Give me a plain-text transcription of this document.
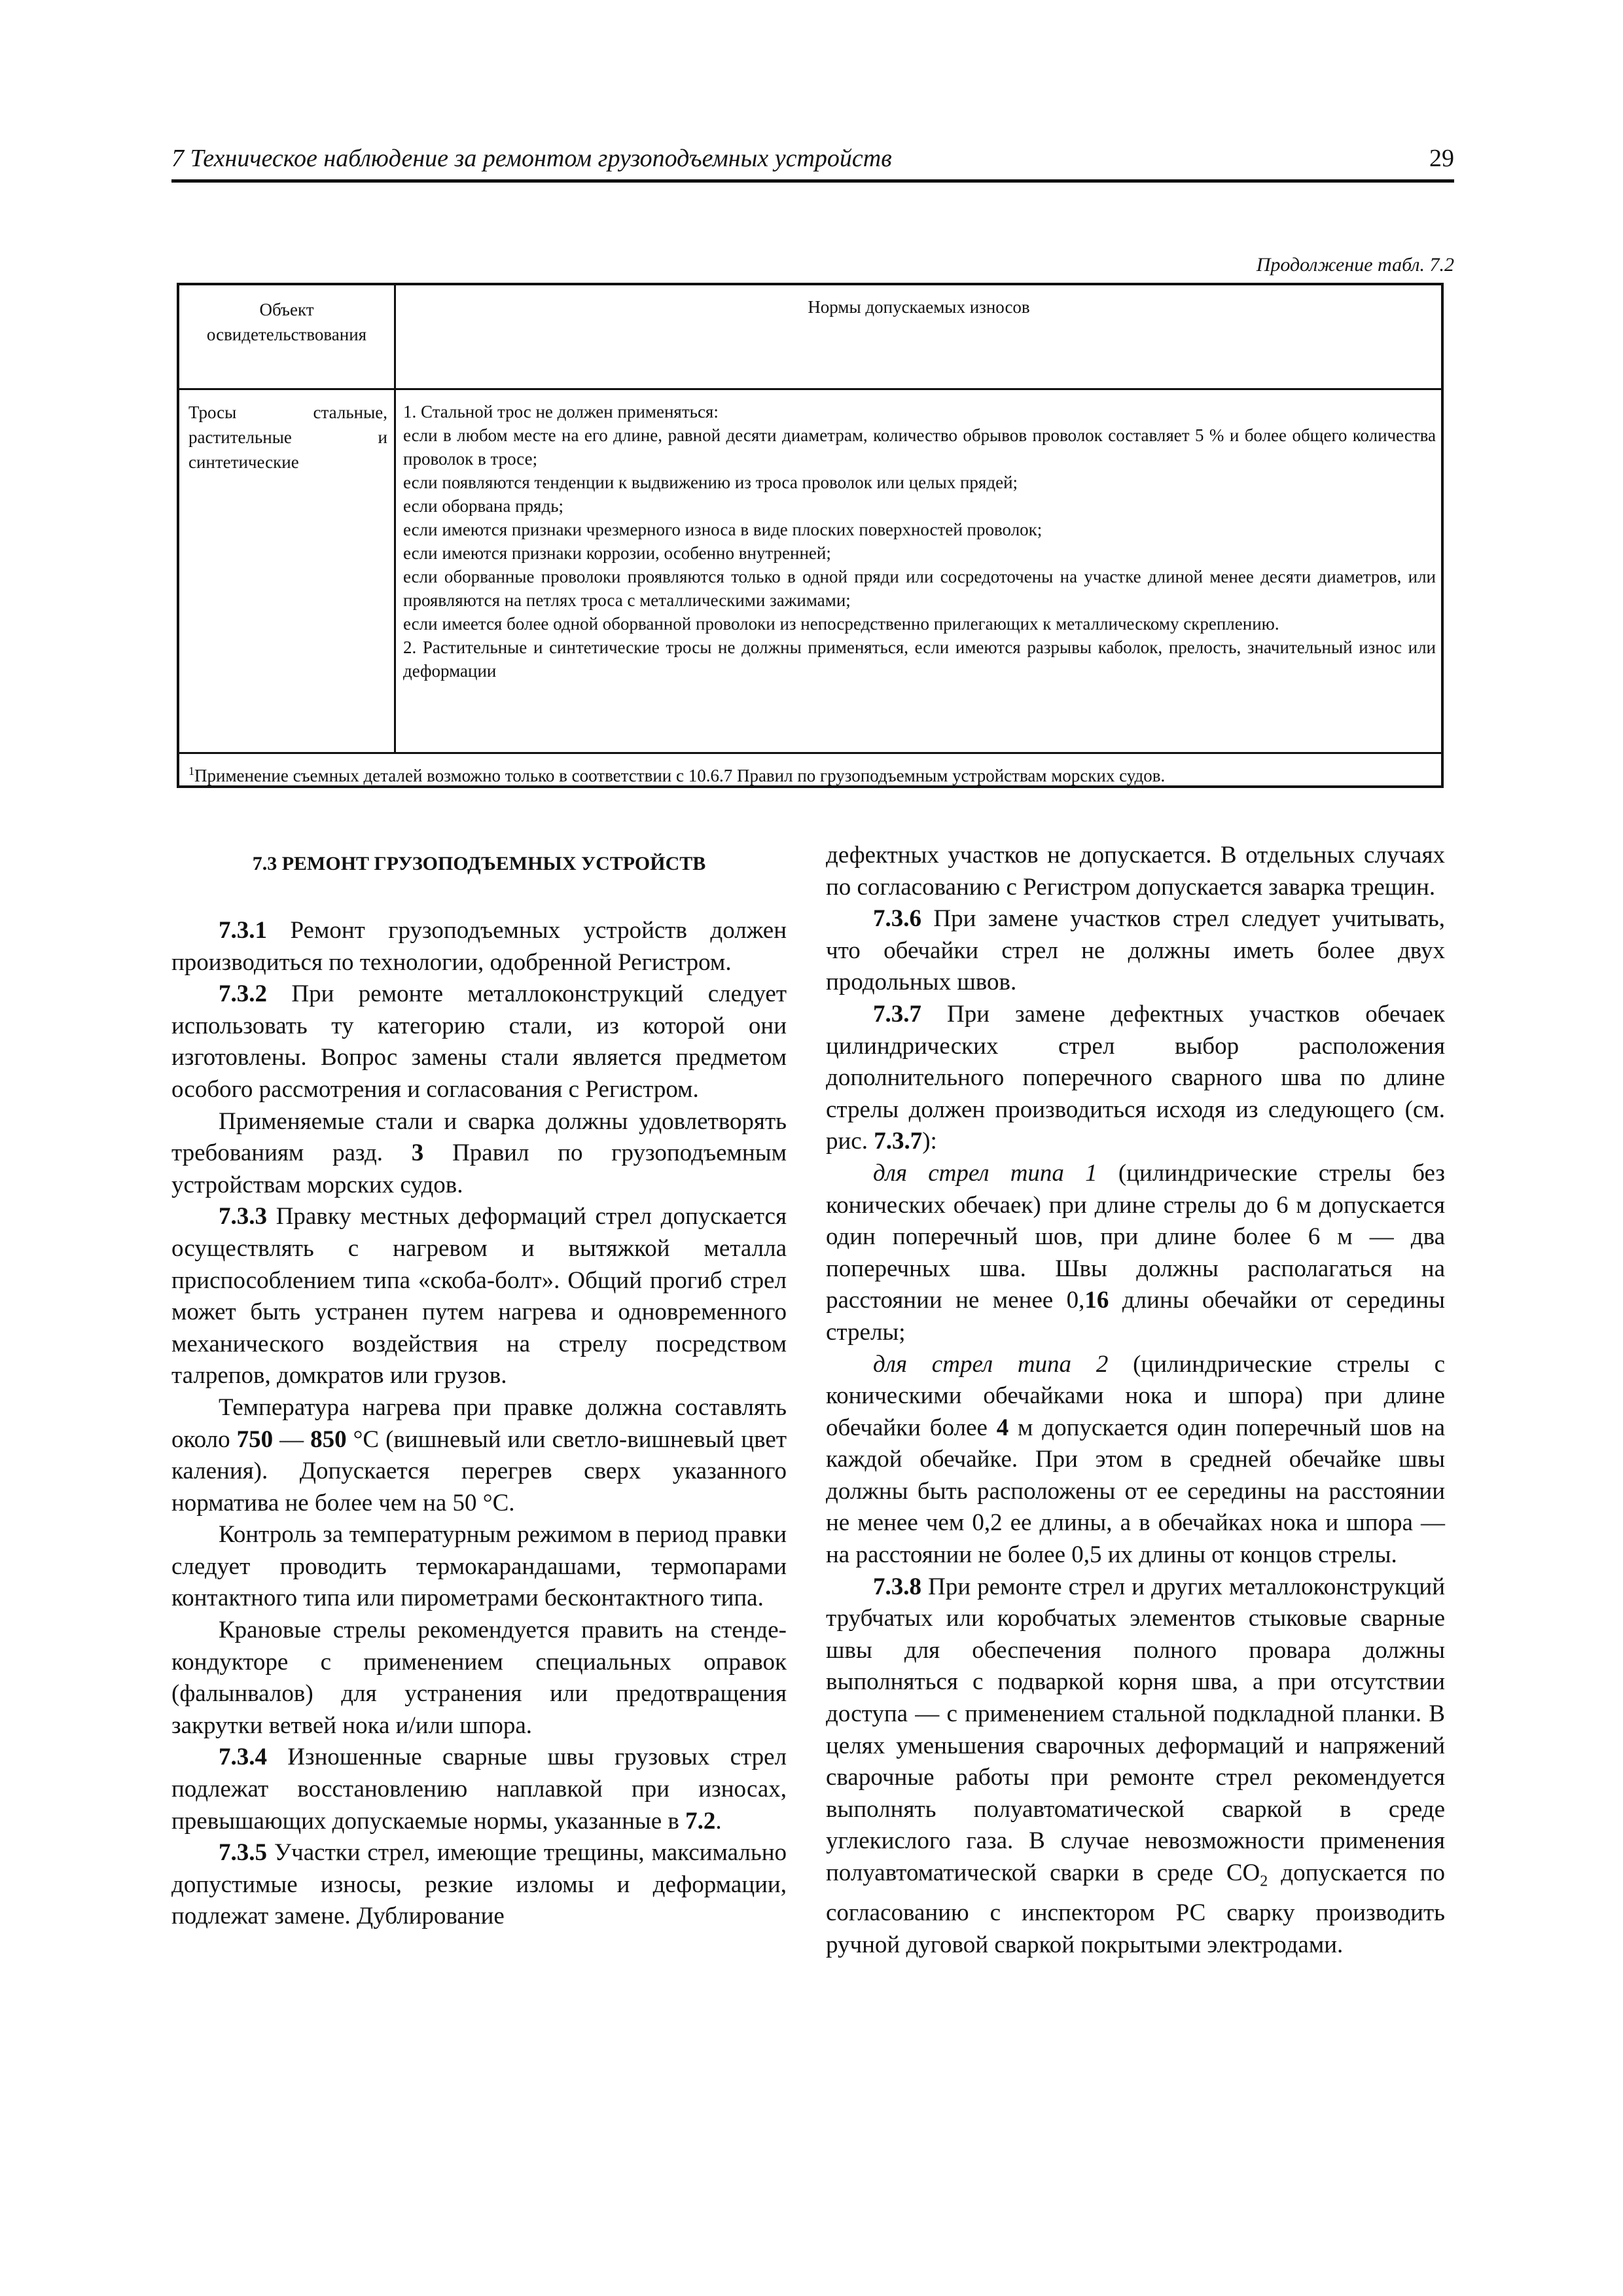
7 Техническое наблюдение за ремонтом грузоподъемных устройств	29
Продолжение табл. 7.2
Объект освидетельствования
Нормы допускаемых износов
Тросы стальные, растительные и синтетические

1. Стальной трос не должен применяться:

если в любом месте на его длине, равной десяти диаметрам, количество обрывов проволок составляет 5 % и более общего количества проволок в тросе;

если появляются тенденции к выдвижению из троса проволок или целых прядей;

если оборвана прядь;

если имеются признаки чрезмерного износа в виде плоских поверхностей проволок;

если имеются признаки коррозии, особенно внутренней;

если оборванные проволоки проявляются только в одной пряди или сосредоточены на участке длиной менее десяти диаметров, или проявляются на петлях троса с металлическими зажимами;

если имеется более одной оборванной проволоки из непосредственно прилегающих к металлическому скреплению.

2. Растительные и синтетические тросы не должны применяться, если имеются разрывы каболок, прелость, значительный износ или деформации

$^1$Применение съемных деталей возможно только в соответствии с 10.6.7 Правил по грузоподъемным устройствам морских судов.

7.3 РЕМОНТ ГРУЗОПОДЪЕМНЫХ УСТРОЙСТВ

7.3.1 Ремонт грузоподъемных устройств должен производиться по технологии, одобренной Регистром.

7.3.2 При ремонте металлоконструкций следует использовать ту категорию стали, из которой они изготовлены. Вопрос замены стали является предметом особого рассмотрения и согласования с Регистром.

Применяемые стали и сварка должны удовлетворять требованиям разд. 3 Правил по грузоподъемным устройствам морских судов.

7.3.3 Правку местных деформаций стрел допускается осуществлять с нагревом и вытяжкой металла приспособлением типа «скоба-болт». Общий прогиб стрел может быть устранен путем нагрева и одновременного механического воздействия на стрелу посредством талрепов, домкратов или грузов.

Температура нагрева при правке должна составлять около 750 — 850 °C (вишневый или светло-вишневый цвет каления). Допускается перегрев сверх указанного норматива не более чем на 50 °C.

Контроль за температурным режимом в период правки следует проводить термокарандашами, термопарами контактного типа или пирометрами бесконтактного типа.

Крановые стрелы рекомендуется править на стенде-кондукторе с применением специальных оправок (фалынвалов) для устранения или предотвращения закрутки ветвей нока и/или шпора.

7.3.4 Изношенные сварные швы грузовых стрел подлежат восстановлению наплавкой при износах, превышающих допускаемые нормы, указанные в 7.2.

7.3.5 Участки стрел, имеющие трещины, максимально допустимые износы, резкие изломы и деформации, подлежат замене. Дублирование

дефектных участков не допускается. В отдельных случаях по согласованию с Регистром допускается заварка трещин.

7.3.6 При замене участков стрел следует учитывать, что обечайки стрел не должны иметь более двух продольных швов.

7.3.7 При замене дефектных участков обечаек цилиндрических стрел выбор расположения дополнительного поперечного сварного шва по длине стрелы должен производиться исходя из следующего (см. рис. 7.3.7):

для стрел типа 1 (цилиндрические стрелы без конических обечаек) при длине стрелы до 6 м допускается один поперечный шов, при длине более 6 м — два поперечных шва. Швы должны располагаться на расстоянии не менее 0,16 длины обечайки от середины стрелы;

для стрел типа 2 (цилиндрические стрелы с коническими обечайками нока и шпора) при длине обечайки более 4 м допускается один поперечный шов на каждой обечайке. При этом в средней обечайке швы должны быть расположены от ее середины на расстоянии не менее чем 0,2 ее длины, а в обечайках нока и шпора — на расстоянии не более 0,5 их длины от концов стрелы.

7.3.8 При ремонте стрел и других металлоконструкций трубчатых или коробчатых элементов стыковые сварные швы для обеспечения полного провара должны выполняться с подваркой корня шва, а при отсутствии доступа — с применением стальной подкладной планки. В целях уменьшения сварочных деформаций и напряжений сварочные работы при ремонте стрел рекомендуется выполнять полуавтоматической сваркой в среде углекислого газа. В случае невозможности применения полуавтоматической сварки в среде $СО_2$ допускается по согласованию с инспектором РС сварку производить ручной дуговой сваркой покрытыми электродами.
